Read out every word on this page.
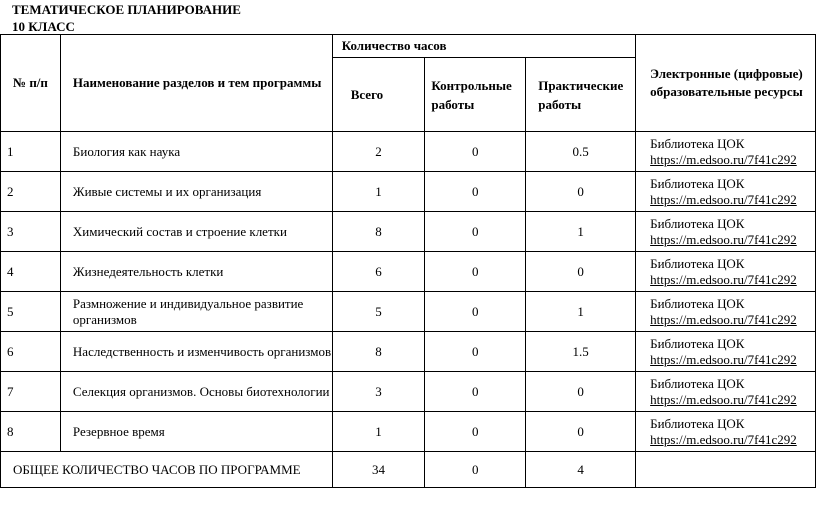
ТЕМАТИЧЕСКОЕ ПЛАНИРОВАНИЕ
10 КЛАСС
№ п/п	Наименование разделов и тем программы	Количество часов			Электронные (цифровые) образовательные ресурсы
		Всего	Контрольные работы	Практические работы	
1	Биология как наука	2	0	0.5	Библиотека ЦОК
https://m.edsoo.ru/7f41c292
2	Живые системы и их организация	1	0	0	Библиотека ЦОК
https://m.edsoo.ru/7f41c292
3	Химический состав и строение клетки	8	0	1	Библиотека ЦОК
https://m.edsoo.ru/7f41c292
4	Жизнедеятельность клетки	6	0	0	Библиотека ЦОК
https://m.edsoo.ru/7f41c292
5	Размножение и индивидуальное развитие организмов	5	0	1	Библиотека ЦОК
https://m.edsoo.ru/7f41c292
6	Наследственность и изменчивость организмов	8	0	1.5	Библиотека ЦОК
https://m.edsoo.ru/7f41c292
7	Селекция организмов. Основы биотехнологии	3	0	0	Библиотека ЦОК
https://m.edsoo.ru/7f41c292
8	Резервное время	1	0	0	Библиотека ЦОК
https://m.edsoo.ru/7f41c292
ОБЩЕЕ КОЛИЧЕСТВО ЧАСОВ ПО ПРОГРАММЕ		34	0	4	
